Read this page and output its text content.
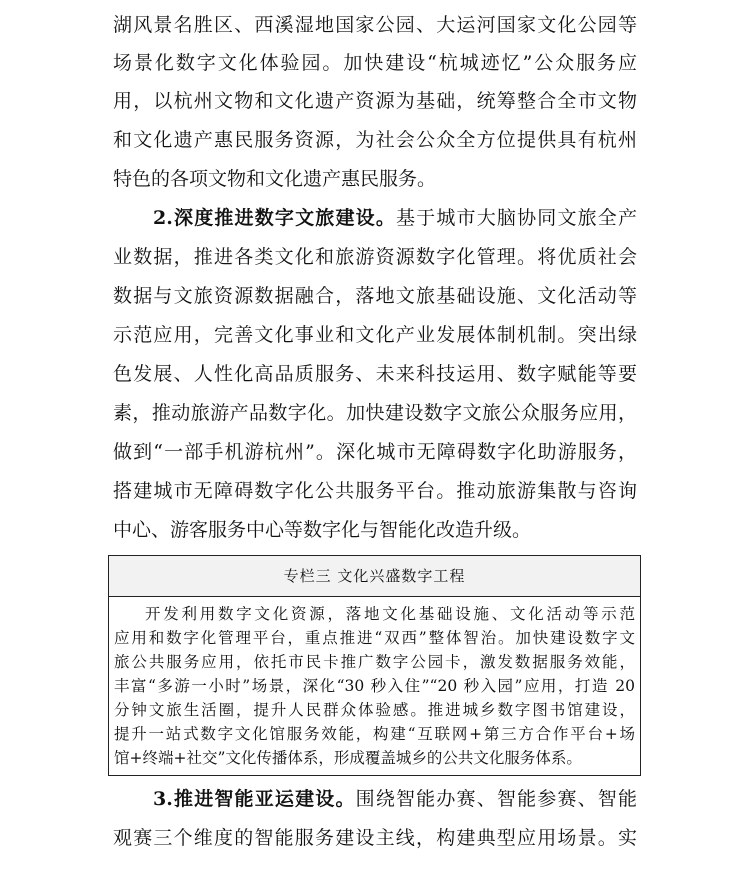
湖风景名胜区、西溪湿地国家公园、大运河国家文化公园等
场景化数字文化体验园。加快建设“杭城迹忆”公众服务应
用，以杭州文物和文化遗产资源为基础，统筹整合全市文物
和文化遗产惠民服务资源，为社会公众全方位提供具有杭州
特色的各项文物和文化遗产惠民服务。
2.深度推进数字文旅建设。基于城市大脑协同文旅全产
业数据，推进各类文化和旅游资源数字化管理。将优质社会
数据与文旅资源数据融合，落地文旅基础设施、文化活动等
示范应用，完善文化事业和文化产业发展体制机制。突出绿
色发展、人性化高品质服务、未来科技运用、数字赋能等要
素，推动旅游产品数字化。加快建设数字文旅公众服务应用，
做到“一部手机游杭州”。深化城市无障碍数字化助游服务，
搭建城市无障碍数字化公共服务平台。推动旅游集散与咨询
中心、游客服务中心等数字化与智能化改造升级。
专栏三 文化兴盛数字工程
开发利用数字文化资源，落地文化基础设施、文化活动等示范
应用和数字化管理平台，重点推进“双西”整体智治。加快建设数字文
旅公共服务应用，依托市民卡推广数字公园卡，激发数据服务效能，
丰富“多游一小时”场景，深化“30 秒入住”“20 秒入园”应用，打造 20
分钟文旅生活圈，提升人民群众体验感。推进城乡数字图书馆建设，
提升一站式数字文化馆服务效能，构建“互联网+第三方合作平台+场
馆+终端+社交”文化传播体系，形成覆盖城乡的公共文化服务体系。
3.推进智能亚运建设。围绕智能办赛、智能参赛、智能
观赛三个维度的智能服务建设主线，构建典型应用场景。实
